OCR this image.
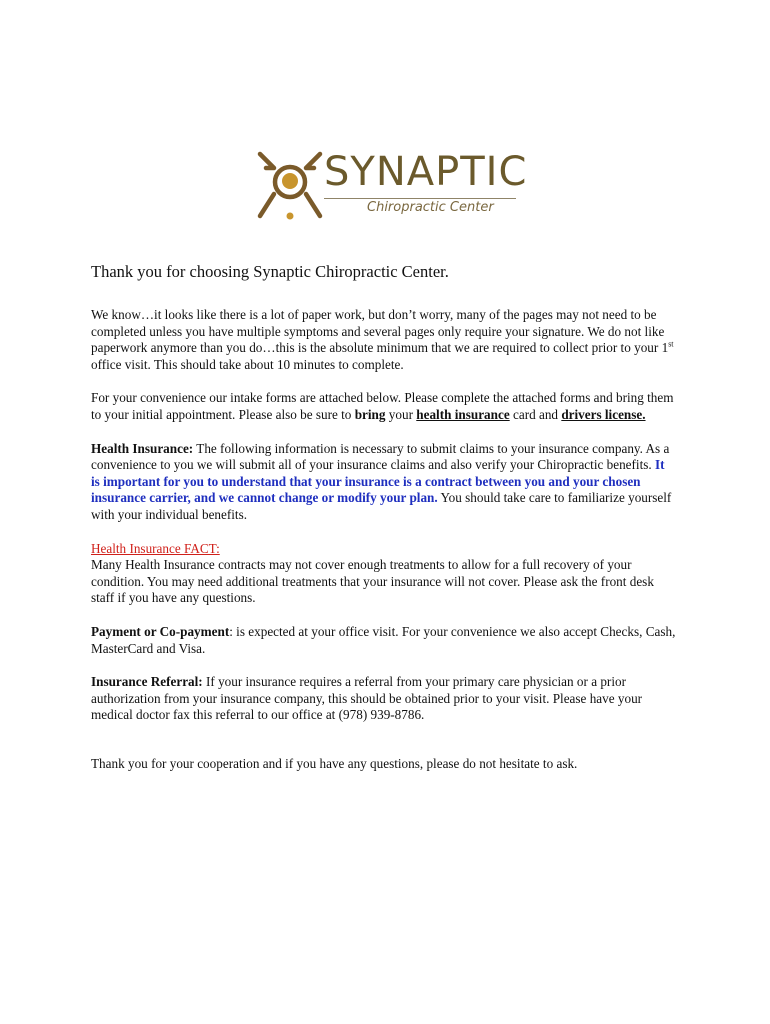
SYNAPTIC
Chiropractic Center
Thank you for choosing Synaptic Chiropractic Center.

We know…it looks like there is a lot of paper work, but don’t worry, many of the pages may not need to be completed unless you have multiple symptoms and several pages only require your signature. We do not like paperwork anymore than you do…this is the absolute minimum that we are required to collect prior to your 1st office visit. This should take about 10 minutes to complete.

For your convenience our intake forms are attached below. Please complete the attached forms and bring them to your initial appointment. Please also be sure to bring your health insurance card and drivers license.

Health Insurance: The following information is necessary to submit claims to your insurance company. As a convenience to you we will submit all of your insurance claims and also verify your Chiropractic benefits. It is important for you to understand that your insurance is a contract between you and your chosen insurance carrier, and we cannot change or modify your plan. You should take care to familiarize yourself with your individual benefits.

Health Insurance FACT:
Many Health Insurance contracts may not cover enough treatments to allow for a full recovery of your condition. You may need additional treatments that your insurance will not cover. Please ask the front desk staff if you have any questions.

Payment or Co-payment: is expected at your office visit. For your convenience we also accept Checks, Cash, MasterCard and Visa.

Insurance Referral: If your insurance requires a referral from your primary care physician or a prior authorization from your insurance company, this should be obtained prior to your visit. Please have your medical doctor fax this referral to our office at (978) 939-8786.

Thank you for your cooperation and if you have any questions, please do not hesitate to ask.
